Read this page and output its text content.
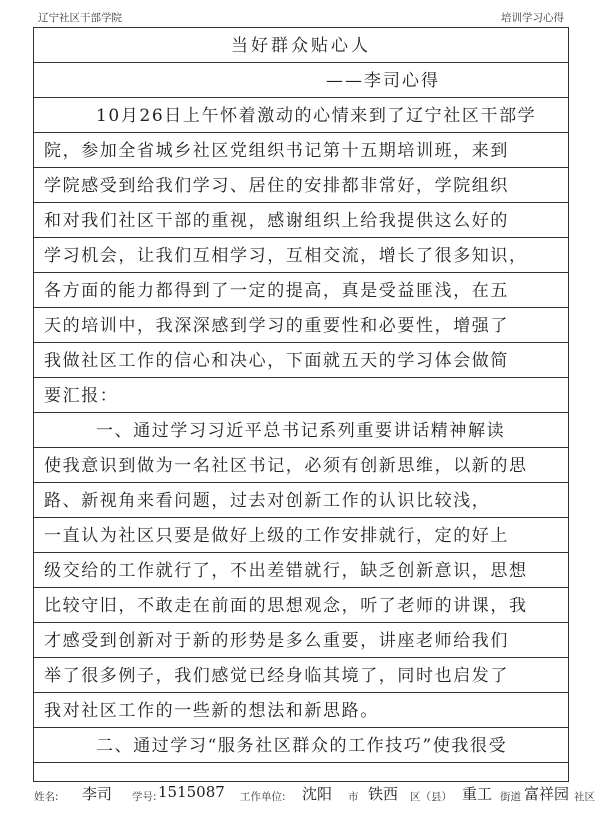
辽宁社区干部学院	培训学习心得
当好群众贴心人
——李司心得
10月26日上午怀着激动的心情来到了辽宁社区干部学
院，参加全省城乡社区党组织书记第十五期培训班，来到
学院感受到给我们学习、居住的安排都非常好，学院组织
和对我们社区干部的重视，感谢组织上给我提供这么好的
学习机会，让我们互相学习，互相交流，增长了很多知识，
各方面的能力都得到了一定的提高，真是受益匪浅，在五
天的培训中，我深深感到学习的重要性和必要性，增强了
我做社区工作的信心和决心，下面就五天的学习体会做简
要汇报：
一、通过学习习近平总书记系列重要讲话精神解读
使我意识到做为一名社区书记，必须有创新思维，以新的思
路、新视角来看问题，过去对创新工作的认识比较浅，
一直认为社区只要是做好上级的工作安排就行，定的好上
级交给的工作就行了，不出差错就行，缺乏创新意识，思想
比较守旧，不敢走在前面的思想观念，听了老师的讲课，我
才感受到创新对于新的形势是多么重要，讲座老师给我们
举了很多例子，我们感觉已经身临其境了，同时也启发了
我对社区工作的一些新的想法和新思路。
二、通过学习“服务社区群众的工作技巧”使我很受
姓名: 李司 学号: 1515087 工作单位: 沈阳 市 铁西 区（县） 重工 街道 富祥园 社区
